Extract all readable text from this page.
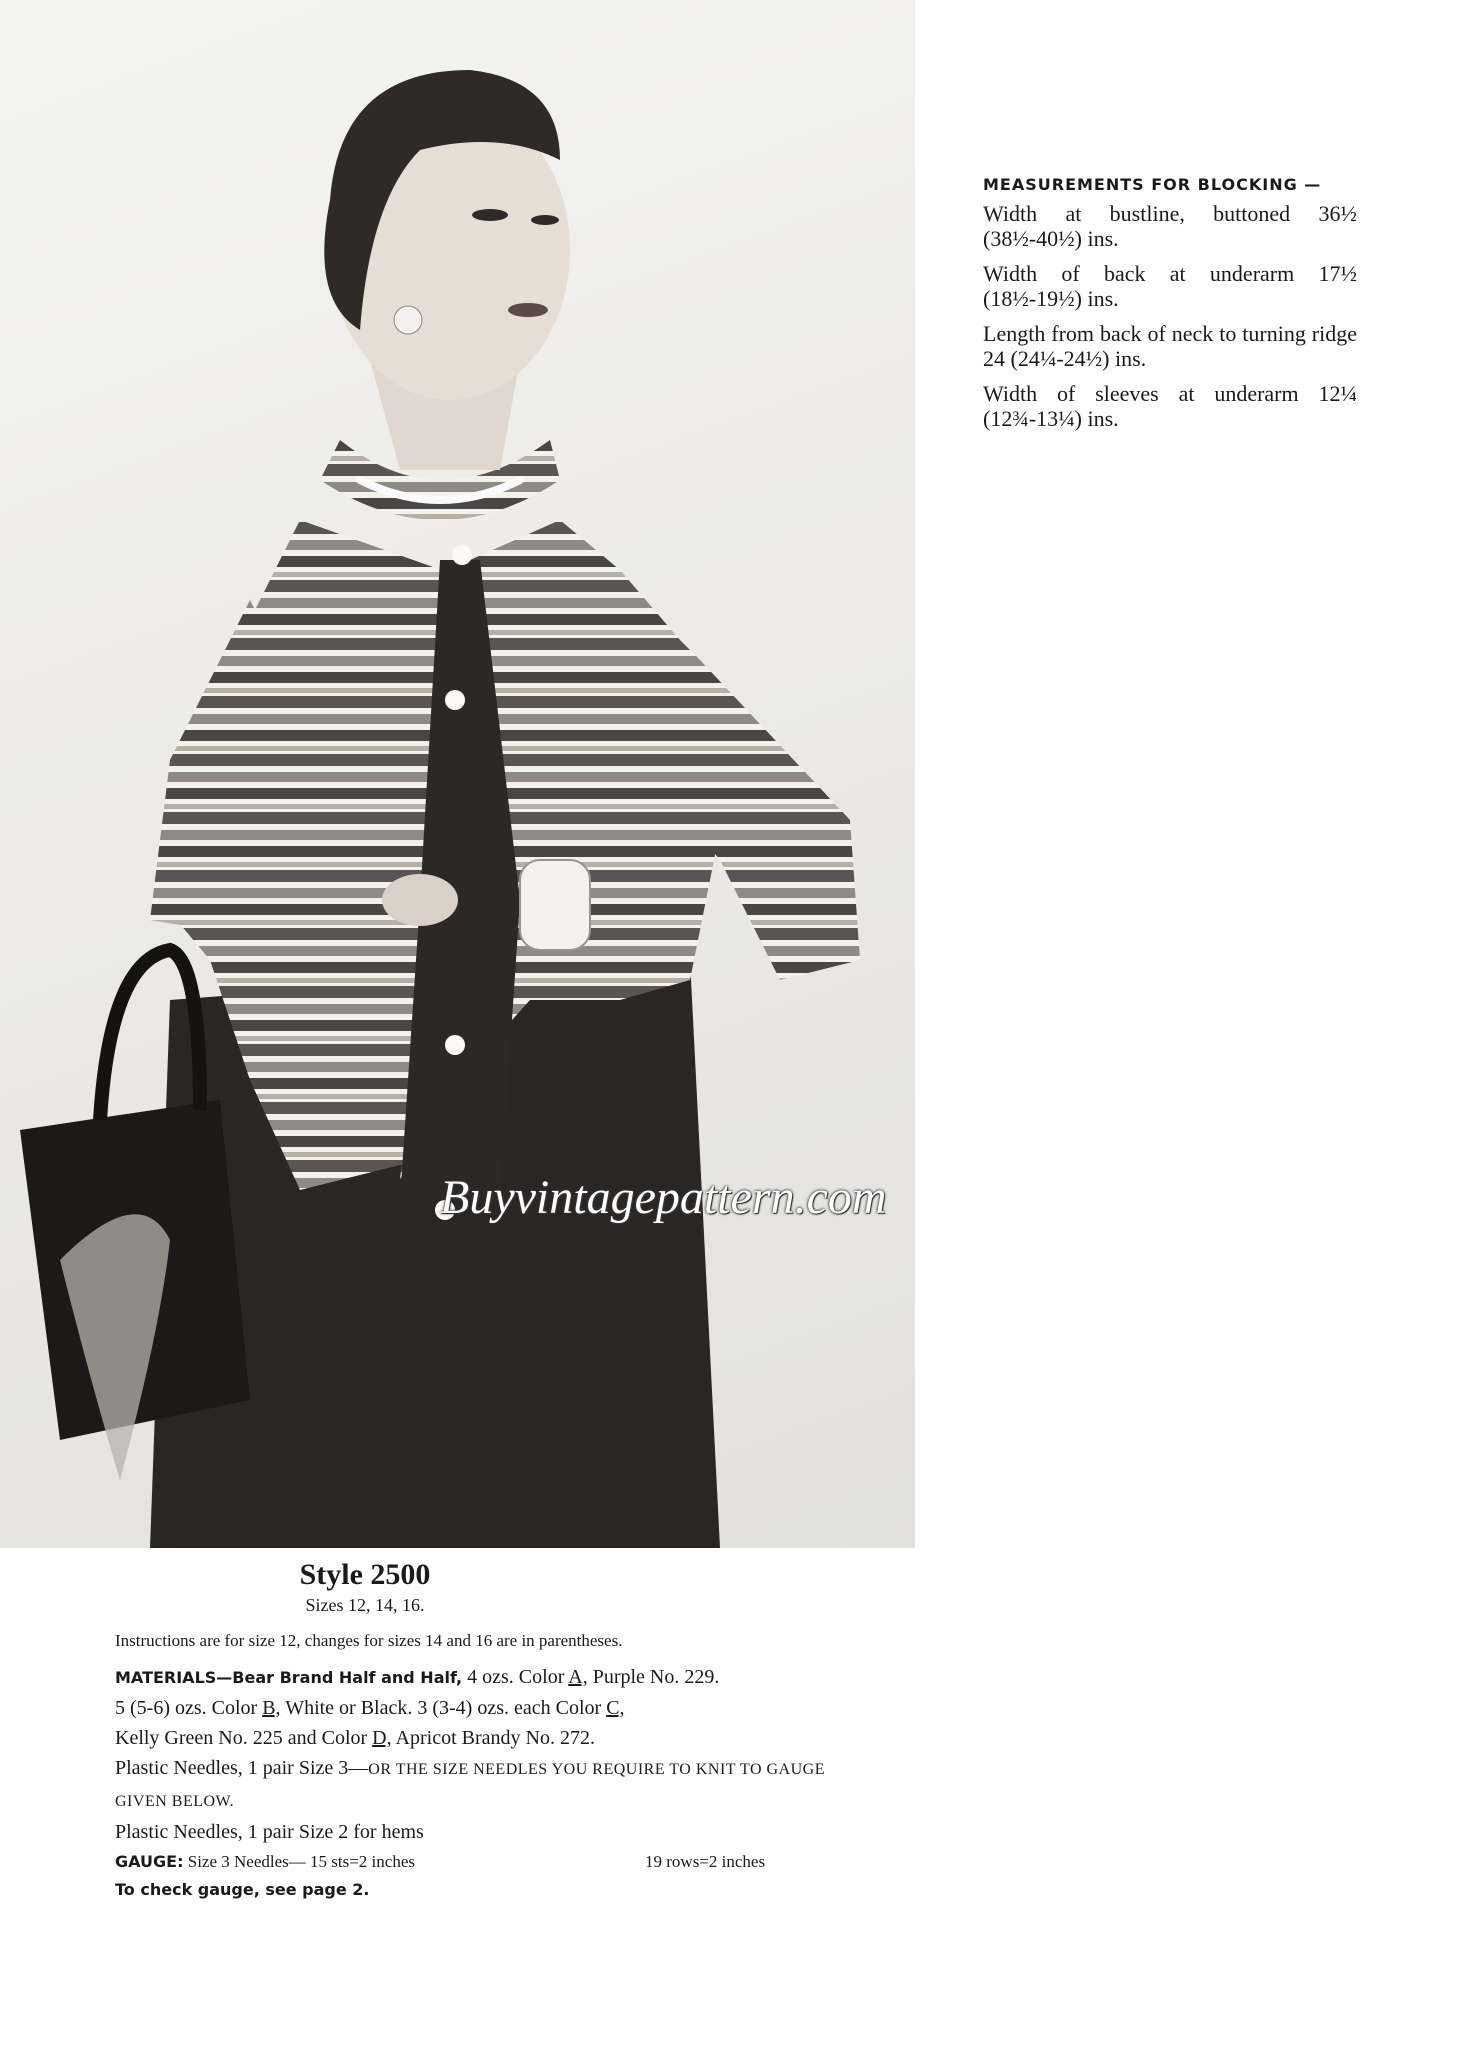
Buyvintagepattern.com
MEASUREMENTS FOR BLOCKING —

Width at bustline, buttoned 36½ (38½-40½) ins.

Width of back at underarm 17½ (18½-19½) ins.

Length from back of neck to turning ridge 24 (24¼-24½) ins.

Width of sleeves at underarm 12¼ (12¾-13¼) ins.

Style 2500
Sizes 12, 14, 16.
Instructions are for size 12, changes for sizes 14 and 16 are in parentheses.
MATERIALS—Bear Brand Half and Half, 4 ozs. Color A, Purple No. 229.
5 (5-6) ozs. Color B, White or Black. 3 (3-4) ozs. each Color C,
Kelly Green No. 225 and Color D, Apricot Brandy No. 272.
Plastic Needles, 1 pair Size 3—OR THE SIZE NEEDLES YOU REQUIRE TO KNIT TO GAUGE GIVEN BELOW.
Plastic Needles, 1 pair Size 2 for hems
GAUGE: Size 3 Needles— 15 sts=2 inches	19 rows=2 inches
To check gauge, see page 2.
